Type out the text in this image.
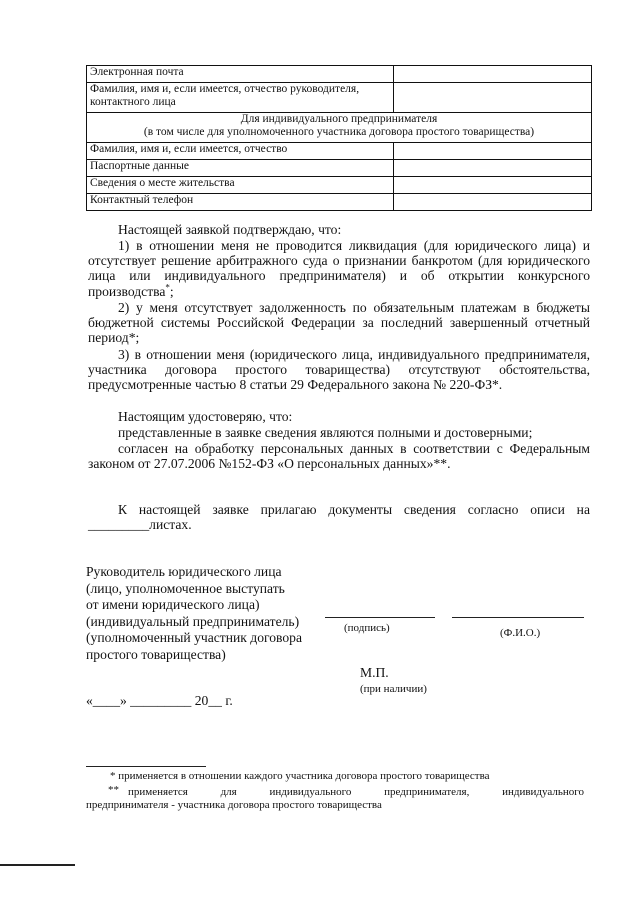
Электронная почта	
Фамилия, имя и, если имеется, отчество руководителя, контактного лица	

Для индивидуального предпринимателя
(в том числе для уполномоченного участника договора простого товарищества)	

Фамилия, имя и, если имеется, отчество	
Паспортные данные	
Сведения о месте жительства	
Контактный телефон	
Настоящей заявкой подтверждаю, что:
1) в отношении меня не проводится ликвидация (для юридического лица) и отсутствует решение арбитражного суда о признании банкротом (для юридического лица или индивидуального предпринимателя) и об открытии конкурсного производства*;
2) у меня отсутствует задолженность по обязательным платежам в бюджеты бюджетной системы Российской Федерации за последний завершенный отчетный период*;
3) в отношении меня (юридического лица, индивидуального предпринимателя, участника договора простого товарищества) отсутствуют обстоятельства, предусмотренные частью 8 статьи 29 Федерального закона № 220-ФЗ*.
Настоящим удостоверяю, что:
представленные в заявке сведения являются полными и достоверными;
согласен на обработку персональных данных в соответствии с Федеральным законом от 27.07.2006 №152-ФЗ «О персональных данных»**.
К настоящей заявке прилагаю документы сведения согласно описи на _________листах.
Руководитель юридического лица
(лицо, уполномоченное выступать
от имени юридического лица)
(индивидуальный предприниматель)
(уполномоченный участник договора
простого товарищества)
(подпись)	(Ф.И.О.)
М.П.
(при наличии)
«____» _________ 20__ г.
* применяется в отношении каждого участника договора простого товарищества
** применяется для индивидуального предпринимателя, индивидуального
предпринимателя - участника договора простого товарищества
